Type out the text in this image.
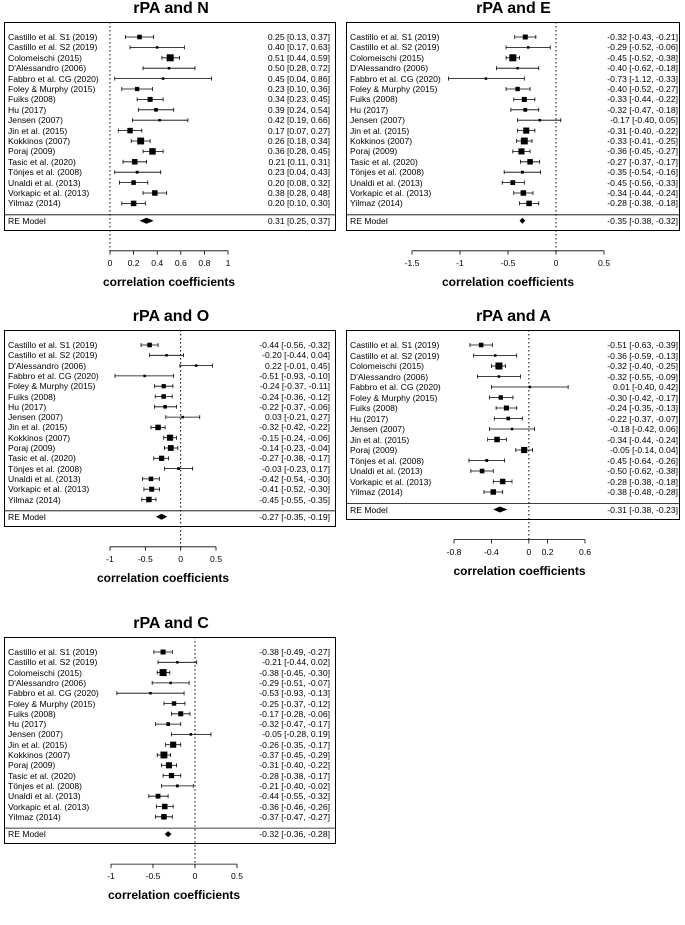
rPA and N
Castillo et al. S1 (2019)	0.25 [0.13, 0.37]
Castillo et al. S2 (2019)	0.40 [0.17, 0.63]
Colomeischi (2015)	0.51 [0.44, 0.59]
D'Alessandro (2006)	0.50 [0.28, 0.72]
Fabbro et al. CG (2020)	0.45 [0.04, 0.86]
Foley & Murphy (2015)	0.23 [0.10, 0.36]
Fuiks (2008)	0.34 [0.23, 0.45]
Hu (2017)	0.39 [0.24, 0.54]
Jensen (2007)	0.42 [0.19, 0.66]
Jin et al. (2015)	0.17 [0.07, 0.27]
Kokkinos (2007)	0.26 [0.18, 0.34]
Poraj (2009)	0.36 [0.28, 0.45]
Tasic et al. (2020)	0.21 [0.11, 0.31]
Tönjes et al. (2008)	0.23 [0.04, 0.43]
Unaldi et al. (2013)	0.20 [0.08, 0.32]
Vorkapic et al. (2013)	0.38 [0.28, 0.48]
Yilmaz (2014)	0.20 [0.10, 0.30]
RE Model	0.31 [0.25, 0.37]
0 0.2 0.4 0.6 0.8 1
correlation coefficients
rPA and E
Castillo et al. S1 (2019)	-0.32 [-0.43, -0.21]
Castillo et al. S2 (2019)	-0.29 [-0.52, -0.06]
Colomeischi (2015)	-0.45 [-0.52, -0.38]
D'Alessandro (2006)	-0.40 [-0.62, -0.18]
Fabbro et al. CG (2020)	-0.73 [-1.12, -0.33]
Foley & Murphy (2015)	-0.40 [-0.52, -0.27]
Fuiks (2008)	-0.33 [-0.44, -0.22]
Hu (2017)	-0.32 [-0.47, -0.18]
Jensen (2007)	-0.17 [-0.40, 0.05]
Jin et al. (2015)	-0.31 [-0.40, -0.22]
Kokkinos (2007)	-0.33 [-0.41, -0.25]
Poraj (2009)	-0.36 [-0.45, -0.27]
Tasic et al. (2020)	-0.27 [-0.37, -0.17]
Tönjes et al. (2008)	-0.35 [-0.54, -0.16]
Unaldi et al. (2013)	-0.45 [-0.56, -0.33]
Vorkapic et al. (2013)	-0.34 [-0.44, -0.24]
Yilmaz (2014)	-0.28 [-0.38, -0.18]
RE Model	-0.35 [-0.38, -0.32]
-1.5	-1	-0.5	0	0.5
correlation coefficients
rPA and O
Castillo et al. S1 (2019)	-0.44 [-0.56, -0.32]
Castillo et al. S2 (2019)	-0.20 [-0.44, 0.04]
D'Alessandro (2006)	0.22 [-0.01, 0.45]
Fabbro et al. CG (2020)	-0.51 [-0.93, -0.10]
Foley & Murphy (2015)	-0.24 [-0.37, -0.11]
Fuiks (2008)	-0.24 [-0.36, -0.12]
Hu (2017)	-0.22 [-0.37, -0.06]
Jensen (2007)	0.03 [-0.21, 0.27]
Jin et al. (2015)	-0.32 [-0.42, -0.22]
Kokkinos (2007)	-0.15 [-0.24, -0.06]
Poraj (2009)	-0.14 [-0.23, -0.04]
Tasic et al. (2020)	-0.27 [-0.38, -0.17]
Tönjes et al. (2008)	-0.03 [-0.23, 0.17]
Unaldi et al. (2013)	-0.42 [-0.54, -0.30]
Vorkapic et al. (2013)	-0.41 [-0.52, -0.30]
Yilmaz (2014)	-0.45 [-0.55, -0.35]
RE Model	-0.27 [-0.35, -0.19]
-1	-0.5	0	0.5
correlation coefficients
rPA and A
Castillo et al. S1 (2019)	-0.51 [-0.63, -0.39]
Castillo et al. S2 (2019)	-0.36 [-0.59, -0.13]
Colomeischi (2015)	-0.32 [-0.40, -0.25]
D'Alessandro (2006)	-0.32 [-0.55, -0.09]
Fabbro et al. CG (2020)	0.01 [-0.40, 0.42]
Foley & Murphy (2015)	-0.30 [-0.42, -0.17]
Fuiks (2008)	-0.24 [-0.35, -0.13]
Hu (2017)	-0.22 [-0.37, -0.07]
Jensen (2007)	-0.18 [-0.42, 0.06]
Jin et al. (2015)	-0.34 [-0.44, -0.24]
Poraj (2009)	-0.05 [-0.14, 0.04]
Tönjes et al. (2008)	-0.45 [-0.64, -0.26]
Unaldi et al. (2013)	-0.50 [-0.62, -0.38]
Vorkapic et al. (2013)	-0.28 [-0.38, -0.18]
Yilmaz (2014)	-0.38 [-0.48, -0.28]
RE Model	-0.31 [-0.38, -0.23]
-0.8	-0.4	0 0.2	0.6
correlation coefficients
rPA and C
Castillo et al. S1 (2019)	-0.38 [-0.49, -0.27]
Castillo et al. S2 (2019)	-0.21 [-0.44, 0.02]
Colomeischi (2015)	-0.38 [-0.45, -0.30]
D'Alessandro (2006)	-0.29 [-0.51, -0.07]
Fabbro et al. CG (2020)	-0.53 [-0.93, -0.13]
Foley & Murphy (2015)	-0.25 [-0.37, -0.12]
Fuiks (2008)	-0.17 [-0.28, -0.06]
Hu (2017)	-0.32 [-0.47, -0.17]
Jensen (2007)	-0.05 [-0.28, 0.19]
Jin et al. (2015)	-0.26 [-0.35, -0.17]
Kokkinos (2007)	-0.37 [-0.45, -0.29]
Poraj (2009)	-0.31 [-0.40, -0.22]
Tasic et al. (2020)	-0.28 [-0.38, -0.17]
Tönjes et al. (2008)	-0.21 [-0.40, -0.02]
Unaldi et al. (2013)	-0.44 [-0.55, -0.32]
Vorkapic et al. (2013)	-0.36 [-0.46, -0.26]
Yilmaz (2014)	-0.37 [-0.47, -0.27]
RE Model	-0.32 [-0.36, -0.28]
-1	-0.5	0	0.5
correlation coefficients
